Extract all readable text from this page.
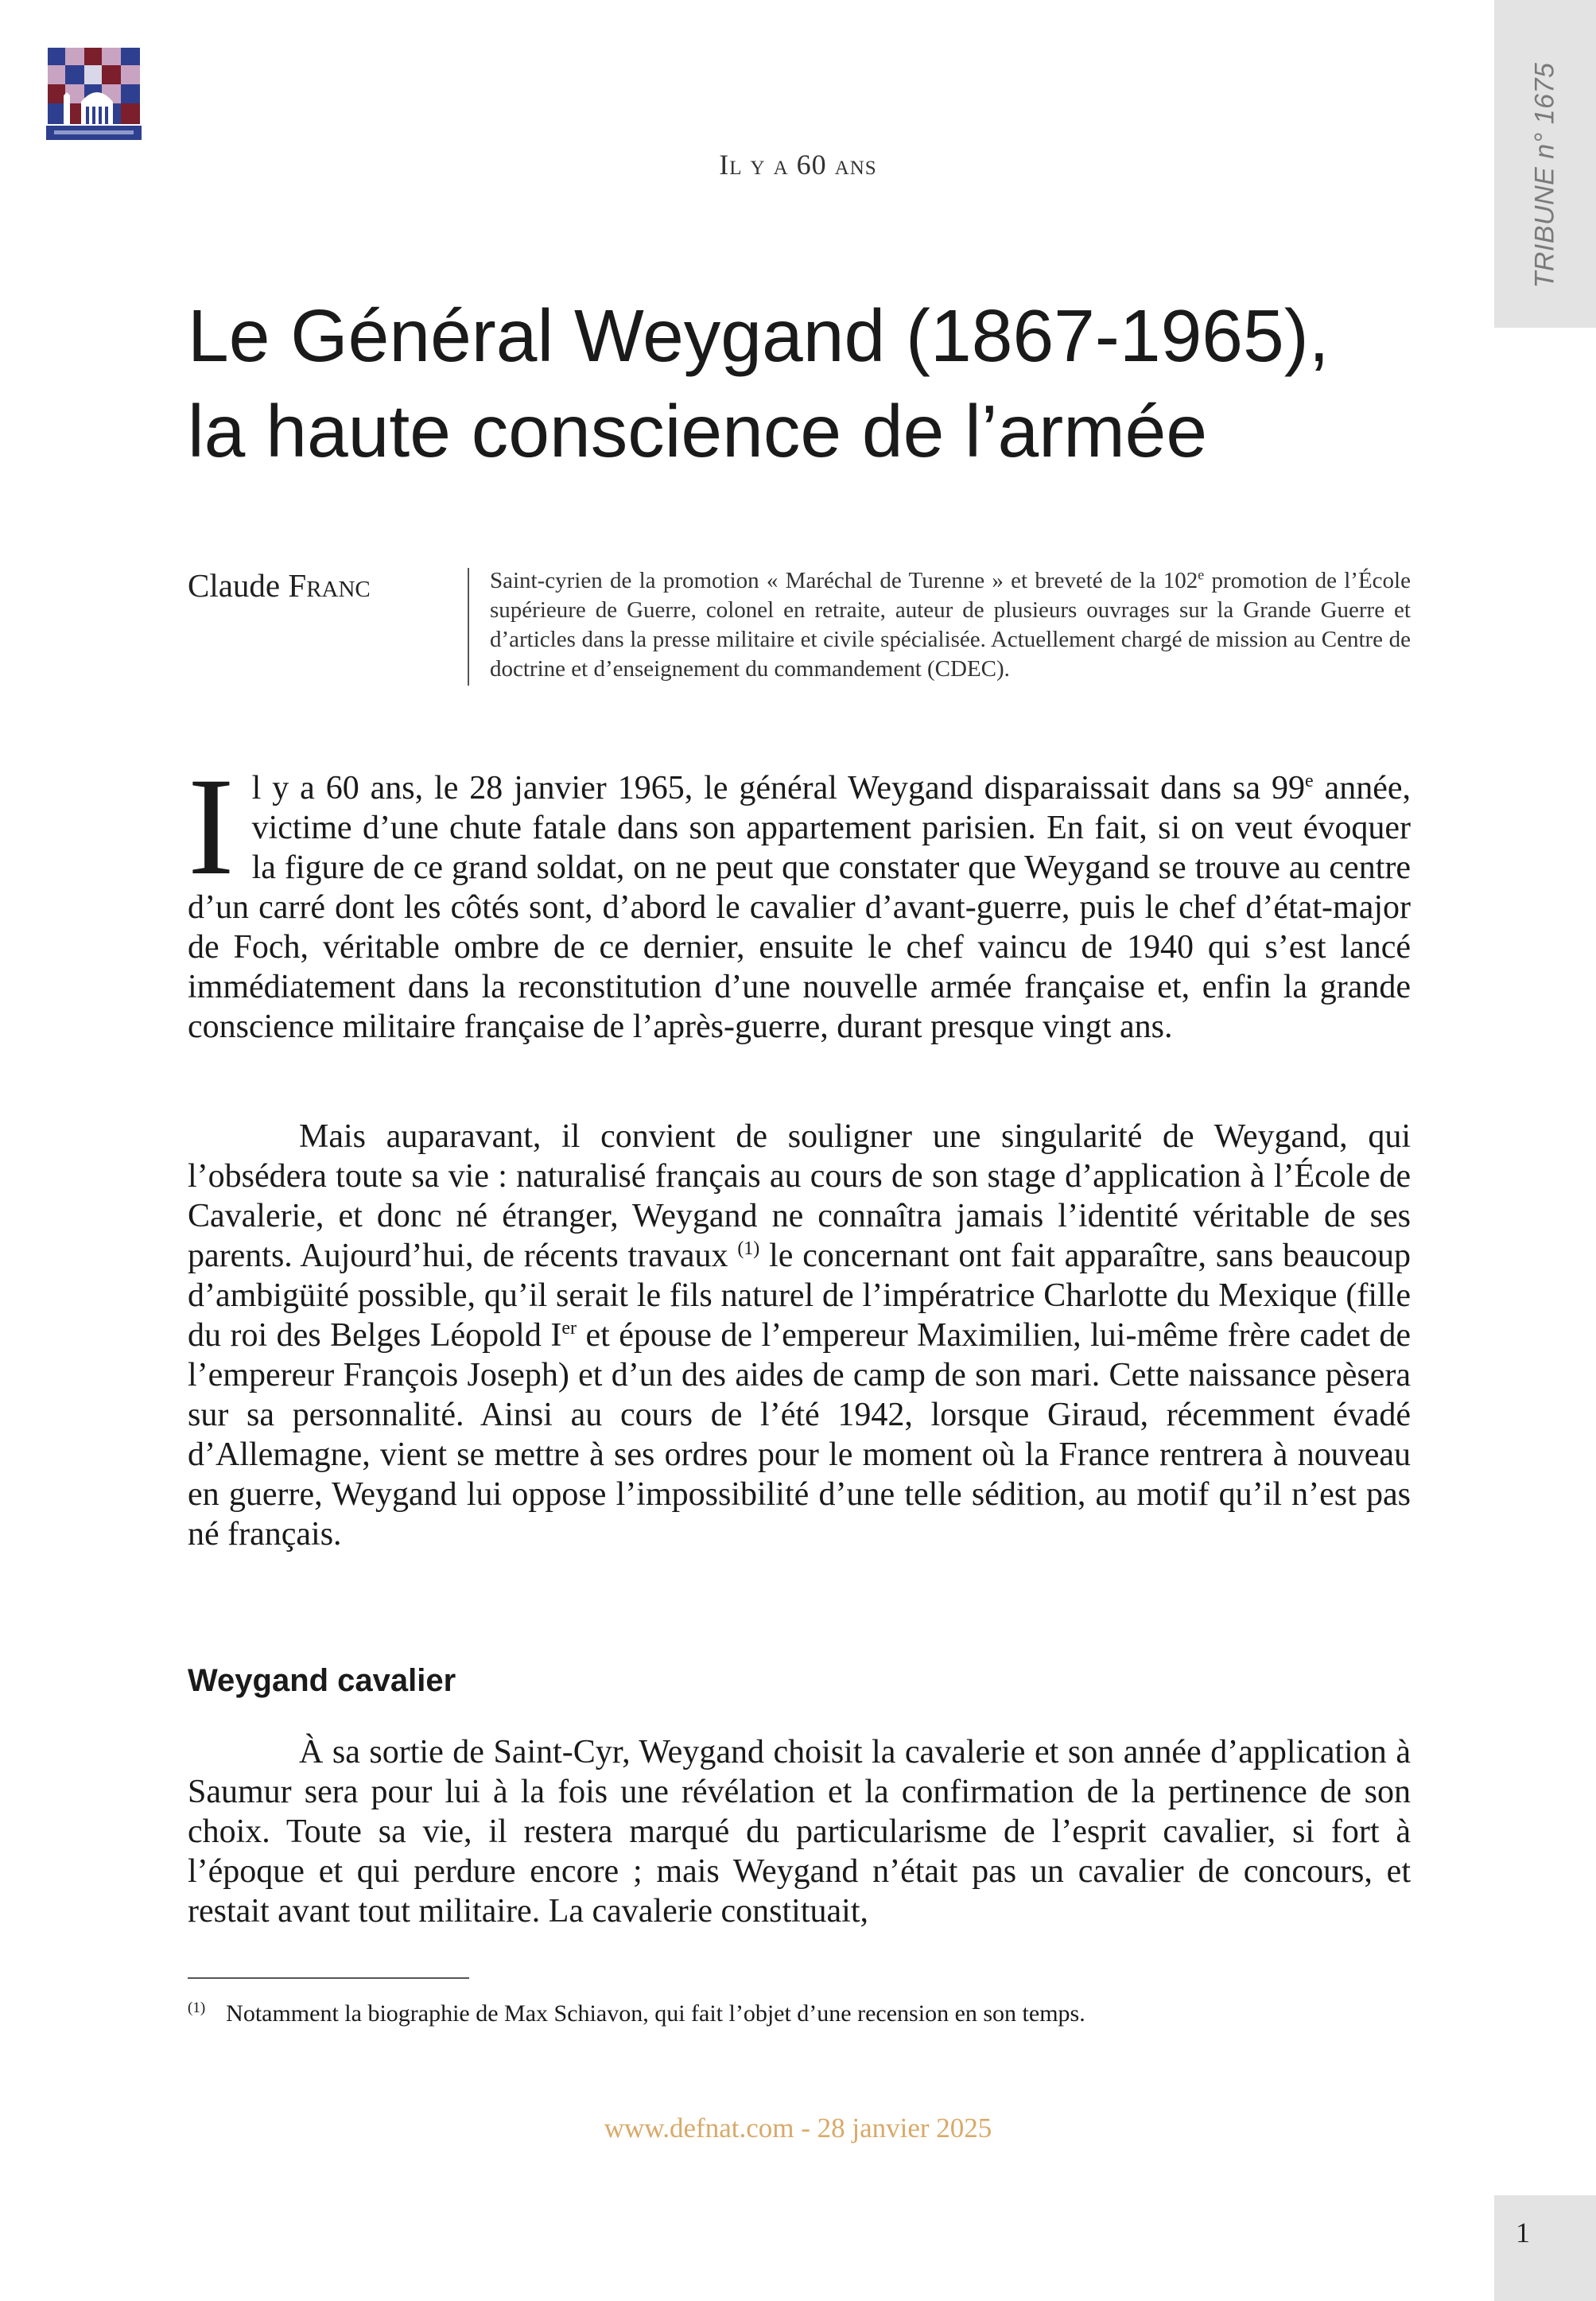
TRIBUNE n° 1675
Il y a 60 ans
Le Général Weygand (1867-1965),
la haute conscience de l’armée
Claude Franc	Saint-cyrien de la promotion « Maréchal de Turenne » et breveté de la 102e promotion de l’École supérieure de Guerre, colonel en retraite, auteur de plusieurs ouvrages sur la Grande Guerre et d’articles dans la presse militaire et civile spécialisée. Actuellement chargé de mission au Centre de doctrine et d’enseignement du commandement (CDEC).

Il y a 60 ans, le 28 janvier 1965, le général Weygand disparaissait dans sa 99e année, victime d’une chute fatale dans son appartement parisien. En fait, si on veut évoquer la figure de ce grand soldat, on ne peut que constater que Weygand se trouve au centre d’un carré dont les côtés sont, d’abord le cavalier d’avant-guerre, puis le chef d’état-major de Foch, véritable ombre de ce dernier, ensuite le chef vaincu de 1940 qui s’est lancé immédiatement dans la reconstitution d’une nouvelle armée française et, enfin la grande conscience militaire française de l’après-guerre, durant presque vingt ans.

Mais auparavant, il convient de souligner une singularité de Weygand, qui l’obsédera toute sa vie : naturalisé français au cours de son stage d’application à l’École de Cavalerie, et donc né étranger, Weygand ne connaîtra jamais l’identité véritable de ses parents. Aujourd’hui, de récents travaux $^{(1)}$ le concernant ont fait apparaître, sans beaucoup d’ambigüité possible, qu’il serait le fils naturel de l’impératrice Charlotte du Mexique (fille du roi des Belges Léopold Ier et épouse de l’empereur Maximilien, lui-même frère cadet de l’empereur François Joseph) et d’un des aides de camp de son mari. Cette naissance pèsera sur sa personnalité. Ainsi au cours de l’été 1942, lorsque Giraud, récemment évadé d’Allemagne, vient se mettre à ses ordres pour le moment où la France rentrera à nouveau en guerre, Weygand lui oppose l’impossibilité d’une telle sédition, au motif qu’il n’est pas né français.

Weygand cavalier

À sa sortie de Saint-Cyr, Weygand choisit la cavalerie et son année d’application à Saumur sera pour lui à la fois une révélation et la confirmation de la pertinence de son choix. Toute sa vie, il restera marqué du particularisme de l’esprit cavalier, si fort à l’époque et qui perdure encore ; mais Weygand n’était pas un cavalier de concours, et restait avant tout militaire. La cavalerie constituait,

$^{(1)}$ Notamment la biographie de Max Schiavon, qui fait l’objet d’une recension en son temps.

www.defnat.com - 28 janvier 2025
1
